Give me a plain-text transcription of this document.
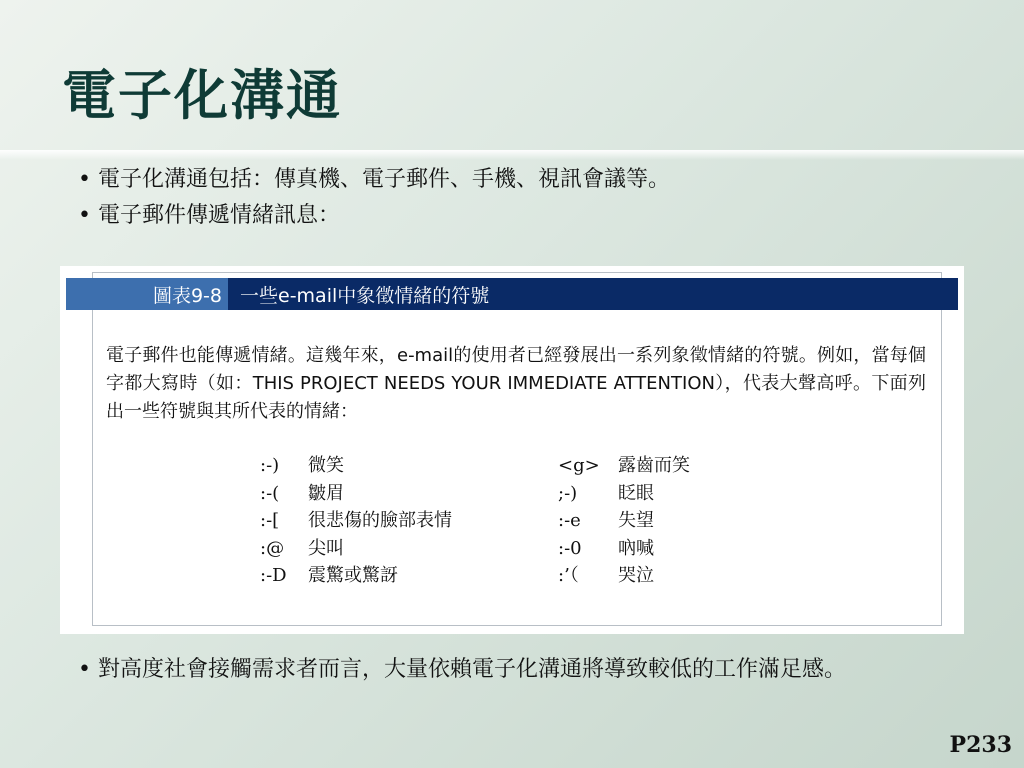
電子化溝通

• 電子化溝通包括：傳真機、電子郵件、手機、視訊會議等。

• 電子郵件傳遞情緒訊息：

圖表9-8 一些e-mail中象徵情緒的符號

電子郵件也能傳遞情緒。這幾年來，e-mail的使用者已經發展出一系列象徵情緒的符號。例如，當每個字都大寫時（如：THIS PROJECT NEEDS YOUR IMMEDIATE ATTENTION），代表大聲高呼。下面列出一些符號與其所代表的情緒：

:-)	微笑	<g>	露齒而笑
:-(	皺眉	;-)	眨眼
:-[	很悲傷的臉部表情	:-e	失望
:@	尖叫	:-0	吶喊
:-D	震驚或驚訝	:’（	哭泣

• 對高度社會接觸需求者而言，大量依賴電子化溝通將導致較低的工作滿足感。

P233
